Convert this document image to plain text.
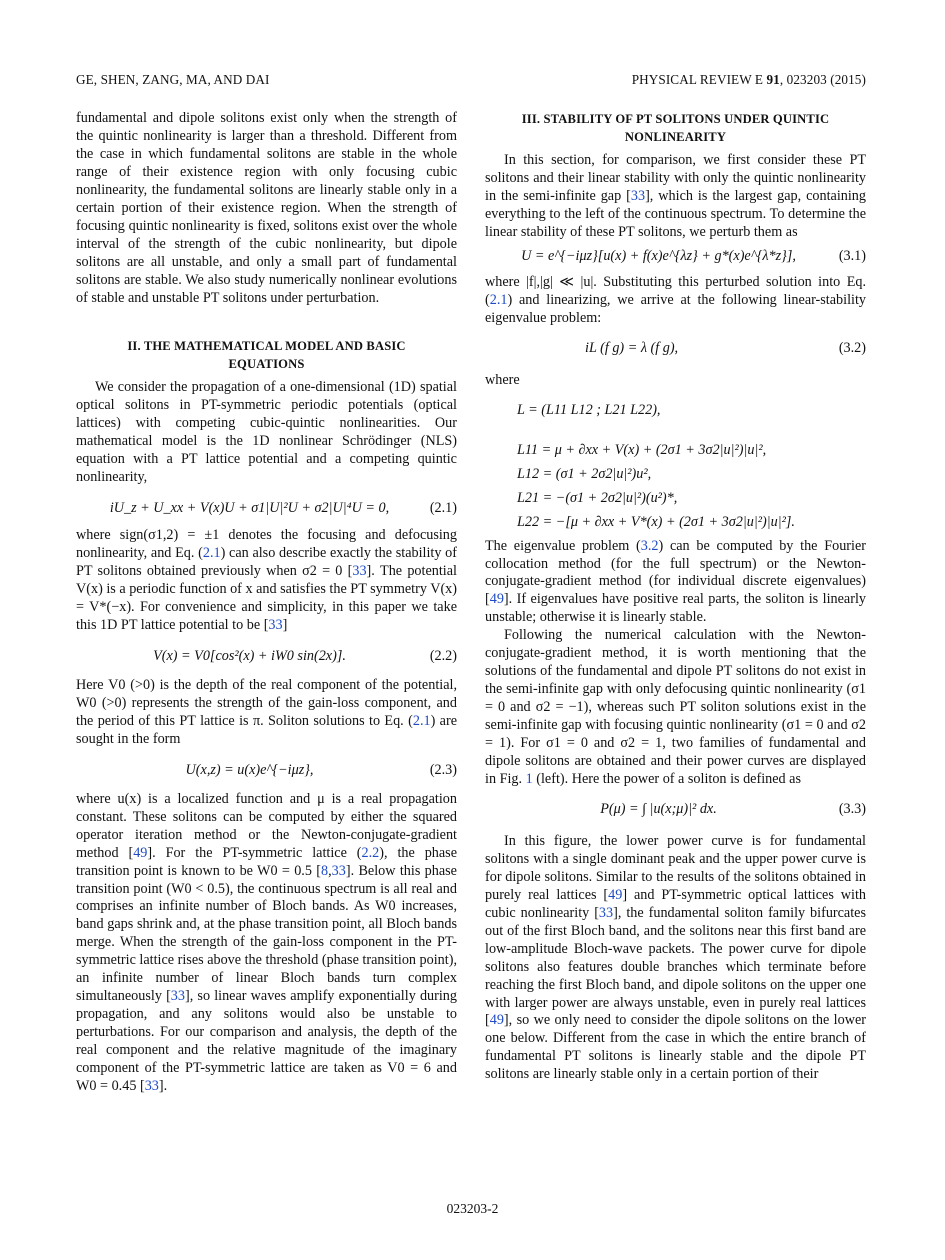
GE, SHEN, ZANG, MA, AND DAI	PHYSICAL REVIEW E 91, 023203 (2015)

fundamental and dipole solitons exist only when the strength of the quintic nonlinearity is larger than a threshold. Different from the case in which fundamental solitons are stable in the whole range of their existence region with only focusing cubic nonlinearity, the fundamental solitons are linearly stable only in a certain portion of their existence region. When the strength of focusing quintic nonlinearity is fixed, solitons exist over the whole interval of the strength of the cubic nonlinearity, but dipole solitons are all unstable, and only a small part of fundamental solitons are stable. We also study numerically nonlinear evolutions of stable and unstable PT solitons under perturbation.

II. THE MATHEMATICAL MODEL AND BASIC
EQUATIONS

We consider the propagation of a one-dimensional (1D) spatial optical solitons in PT-symmetric periodic potentials (optical lattices) with competing cubic-quintic nonlinearities. Our mathematical model is the 1D nonlinear Schrödinger (NLS) equation with a PT lattice potential and a competing quintic nonlinearity,

iU_z + U_xx + V(x)U + σ1|U|²U + σ2|U|⁴U = 0,	(2.1)

where sign(σ1,2) = ±1 denotes the focusing and defocusing nonlinearity, and Eq. (2.1) can also describe exactly the stability of PT solitons obtained previously when σ2 = 0 [33]. The potential V(x) is a periodic function of x and satisfies the PT symmetry V(x) = V*(−x). For convenience and simplicity, in this paper we take this 1D PT lattice potential to be [33]

V(x) = V0[cos²(x) + iW0 sin(2x)].	(2.2)

Here V0 (>0) is the depth of the real component of the potential, W0 (>0) represents the strength of the gain-loss component, and the period of this PT lattice is π. Soliton solutions to Eq. (2.1) are sought in the form

U(x,z) = u(x)e^{−iμz},	(2.3)

where u(x) is a localized function and μ is a real propagation constant. These solitons can be computed by either the squared operator iteration method or the Newton-conjugate-gradient method [49]. For the PT-symmetric lattice (2.2), the phase transition point is known to be W0 = 0.5 [8,33]. Below this phase transition point (W0 < 0.5), the continuous spectrum is all real and comprises an infinite number of Bloch bands. As W0 increases, band gaps shrink and, at the phase transition point, all Bloch bands merge. When the strength of the gain-loss component in the PT-symmetric lattice rises above the threshold (phase transition point), an infinite number of linear Bloch bands turn complex simultaneously [33], so linear waves amplify exponentially during propagation, and any solitons would also be unstable to perturbations. For our comparison and analysis, the depth of the real component and the relative magnitude of the imaginary component of the PT-symmetric lattice are taken as V0 = 6 and W0 = 0.45 [33].

III. STABILITY OF PT SOLITONS UNDER QUINTIC
NONLINEARITY

In this section, for comparison, we first consider these PT solitons and their linear stability with only the quintic nonlinearity in the semi-infinite gap [33], which is the largest gap, containing everything to the left of the continuous spectrum. To determine the linear stability of these PT solitons, we perturb them as

U = e^{−iμz}[u(x) + f(x)e^{λz} + g*(x)e^{λ*z}],	(3.1)

where |f|,|g| ≪ |u|. Substituting this perturbed solution into Eq. (2.1) and linearizing, we arrive at the following linear-stability eigenvalue problem:

iL (f g) = λ (f g),	(3.2)

where

L = (L11 L12 ; L21 L22),
L11 = μ + ∂xx + V(x) + (2σ1 + 3σ2|u|²)|u|²,
L12 = (σ1 + 2σ2|u|²)u²,
L21 = −(σ1 + 2σ2|u|²)(u²)*,
L22 = −[μ + ∂xx + V*(x) + (2σ1 + 3σ2|u|²)|u|²].

The eigenvalue problem (3.2) can be computed by the Fourier collocation method (for the full spectrum) or the Newton-conjugate-gradient method (for individual discrete eigenvalues) [49]. If eigenvalues have positive real parts, the soliton is linearly unstable; otherwise it is linearly stable.

Following the numerical calculation with the Newton-conjugate-gradient method, it is worth mentioning that the solutions of the fundamental and dipole PT solitons do not exist in the semi-infinite gap with only defocusing quintic nonlinearity (σ1 = 0 and σ2 = −1), whereas such PT soliton solutions exist in the semi-infinite gap with focusing quintic nonlinearity (σ1 = 0 and σ2 = 1). For σ1 = 0 and σ2 = 1, two families of fundamental and dipole solitons are obtained and their power curves are displayed in Fig. 1 (left). Here the power of a soliton is defined as

P(μ) = ∫ |u(x;μ)|² dx.	(3.3)

In this figure, the lower power curve is for fundamental solitons with a single dominant peak and the upper power curve is for dipole solitons. Similar to the results of the solitons obtained in purely real lattices [49] and PT-symmetric optical lattices with cubic nonlinearity [33], the fundamental soliton family bifurcates out of the first Bloch band, and the solitons near this first band are low-amplitude Bloch-wave packets. The power curve for dipole solitons also features double branches which terminate before reaching the first Bloch band, and dipole solitons on the upper one with larger power are always unstable, even in purely real lattices [49], so we only need to consider the dipole solitons on the lower one below. Different from the case in which the entire branch of fundamental PT solitons is linearly stable and the dipole PT solitons are linearly stable only in a certain portion of their

023203-2
